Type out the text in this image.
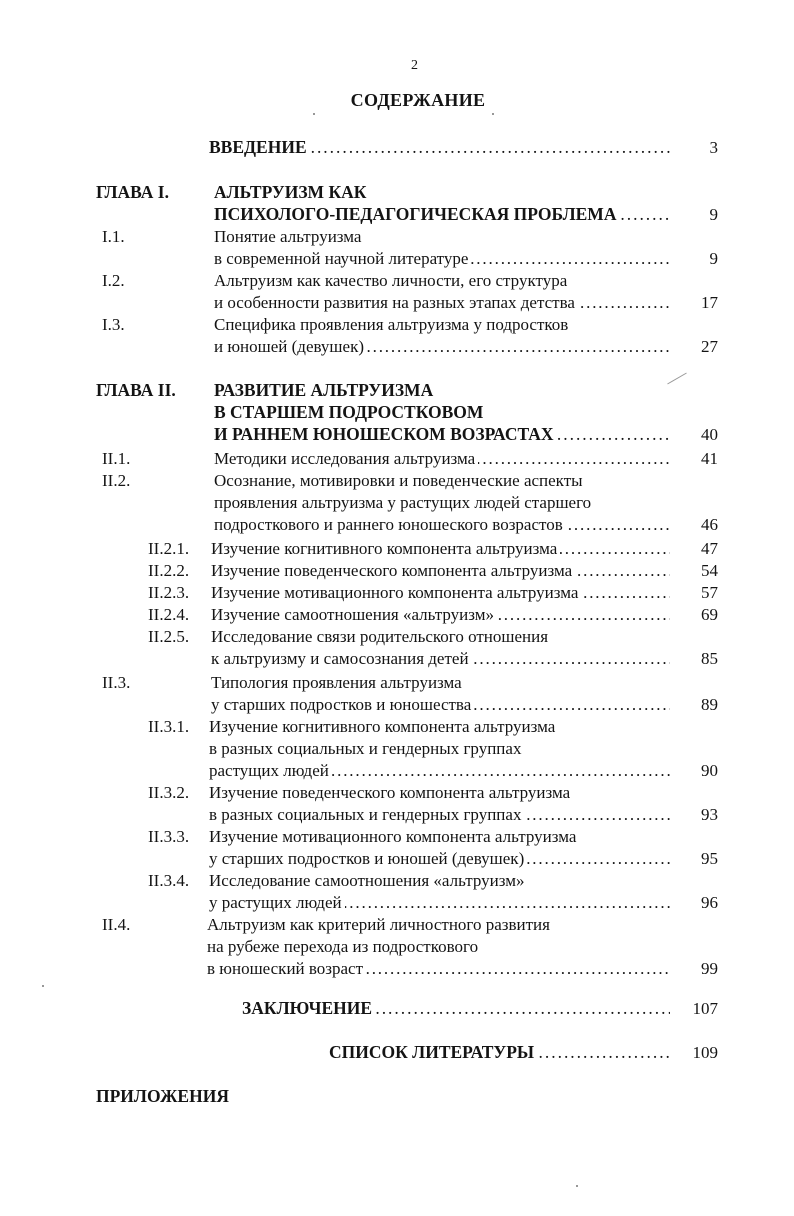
2
СОДЕРЖАНИЕ
ВВЕДЕНИЕ . . .	3
ГЛАВА I.	АЛЬТРУИЗМ КАК
ПСИХОЛОГО-ПЕДАГОГИЧЕСКАЯ ПРОБЛЕМА . . .	9
I.1.	Понятие альтруизма
в современной научной литературе . . .	9
I.2.	Альтруизм как качество личности, его структура
и особенности развития на разных этапах детства . . .	17
I.3.	Специфика проявления альтруизма у подростков
и юношей (девушек) . . .	27
ГЛАВА II. РАЗВИТИЕ АЛЬТРУИЗМА
В СТАРШЕМ ПОДРОСТКОВОМ
И РАННЕМ ЮНОШЕСКОМ ВОЗРАСТАХ . . .	40
II.1.	Методики исследования альтруизма . . .	41
II.2.	Осознание, мотивировки и поведенческие аспекты
проявления альтруизма у растущих людей старшего
подросткового и раннего юношеского возрастов . . .	46
II.2.1. Изучение когнитивного компонента альтруизма . . .	47
II.2.2. Изучение поведенческого компонента альтруизма . . .	54
II.2.3. Изучение мотивационного компонента альтруизма . . .	57
II.2.4. Изучение самоотношения «альтруизм» . . .	69
II.2.5. Исследование связи родительского отношения
к альтруизму и самосознания детей . . .	85
II.3.	Типология проявления альтруизма
у старших подростков и юношества . . .	89
II.3.1. Изучение когнитивного компонента альтруизма
в разных социальных и гендерных группах
растущих людей . . .	90
II.3.2. Изучение поведенческого компонента альтруизма
в разных социальных и гендерных группах . . .	93
II.3.3. Изучение мотивационного компонента альтруизма
у старших подростков и юношей (девушек) . . .	95
II.3.4. Исследование самоотношения «альтруизм»
у растущих людей . . .	96
II.4.	Альтруизм как критерий личностного развития
на рубеже перехода из подросткового
в юношеский возраст . . .	99
ЗАКЛЮЧЕНИЕ . . .	107
СПИСОК ЛИТЕРАТУРЫ . . .	109
ПРИЛОЖЕНИЯ
